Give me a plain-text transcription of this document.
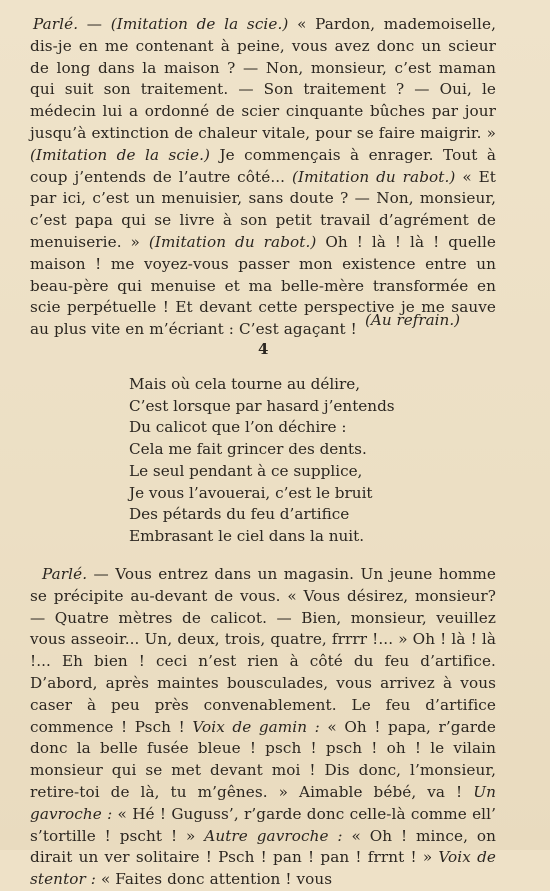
Parlé. — (Imitation de la scie.) « Pardon, mademoiselle, dis-je en me contenant à peine, vous avez donc un scieur de long dans la maison ? — Non, monsieur, c’est maman qui suit son traitement. — Son traitement ? — Oui, le médecin lui a ordonné de scier cinquante bûches par jour jusqu’à extinction de chaleur vitale, pour se faire maigrir. » (Imitation de la scie.) Je commençais à enrager. Tout à coup j’entends de l’autre côté... (Imitation du rabot.) « Et par ici, c’est un menuisier, sans doute ? — Non, monsieur, c’est papa qui se livre à son petit travail d’agrément de menuiserie. » (Imitation du rabot.) Oh ! là ! là ! quelle maison ! me voyez-vous passer mon existence entre un beau-père qui menuise et ma belle-mère transformée en scie perpétuelle ! Et devant cette perspective je me sauve au plus vite en m’écriant : C’est agaçant !

(Au refrain.)
4
Mais où cela tourne au délire,
C’est lorsque par hasard j’entends
Du calicot que l’on déchire :
Cela me fait grincer des dents.
Le seul pendant à ce supplice,
Je vous l’avouerai, c’est le bruit
Des pétards du feu d’artifice
Embrasant le ciel dans la nuit.

Parlé. — Vous entrez dans un magasin. Un jeune homme se précipite au-devant de vous. « Vous désirez, monsieur? — Quatre mètres de calicot. — Bien, monsieur, veuillez vous asseoir... Un, deux, trois, quatre, frrrr !... » Oh ! là ! là !... Eh bien ! ceci n’est rien à côté du feu d’artifice. D’abord, après maintes bousculades, vous arrivez à vous caser à peu près convenablement. Le feu d’artifice commence ! Psch ! Voix de gamin : « Oh ! papa, r’garde donc la belle fusée bleue ! psch ! psch ! oh ! le vilain monsieur qui se met devant moi ! Dis donc, l’monsieur, retire-toi de là, tu m’gênes. » Aimable bébé, va ! Un gavroche : « Hé ! Guguss’, r’garde donc celle-là comme ell’ s’tortille ! pscht ! » Autre gavroche : « Oh ! mince, on dirait un ver solitaire ! Psch ! pan ! pan ! frrnt ! » Voix de stentor : « Faites donc attention ! vous
